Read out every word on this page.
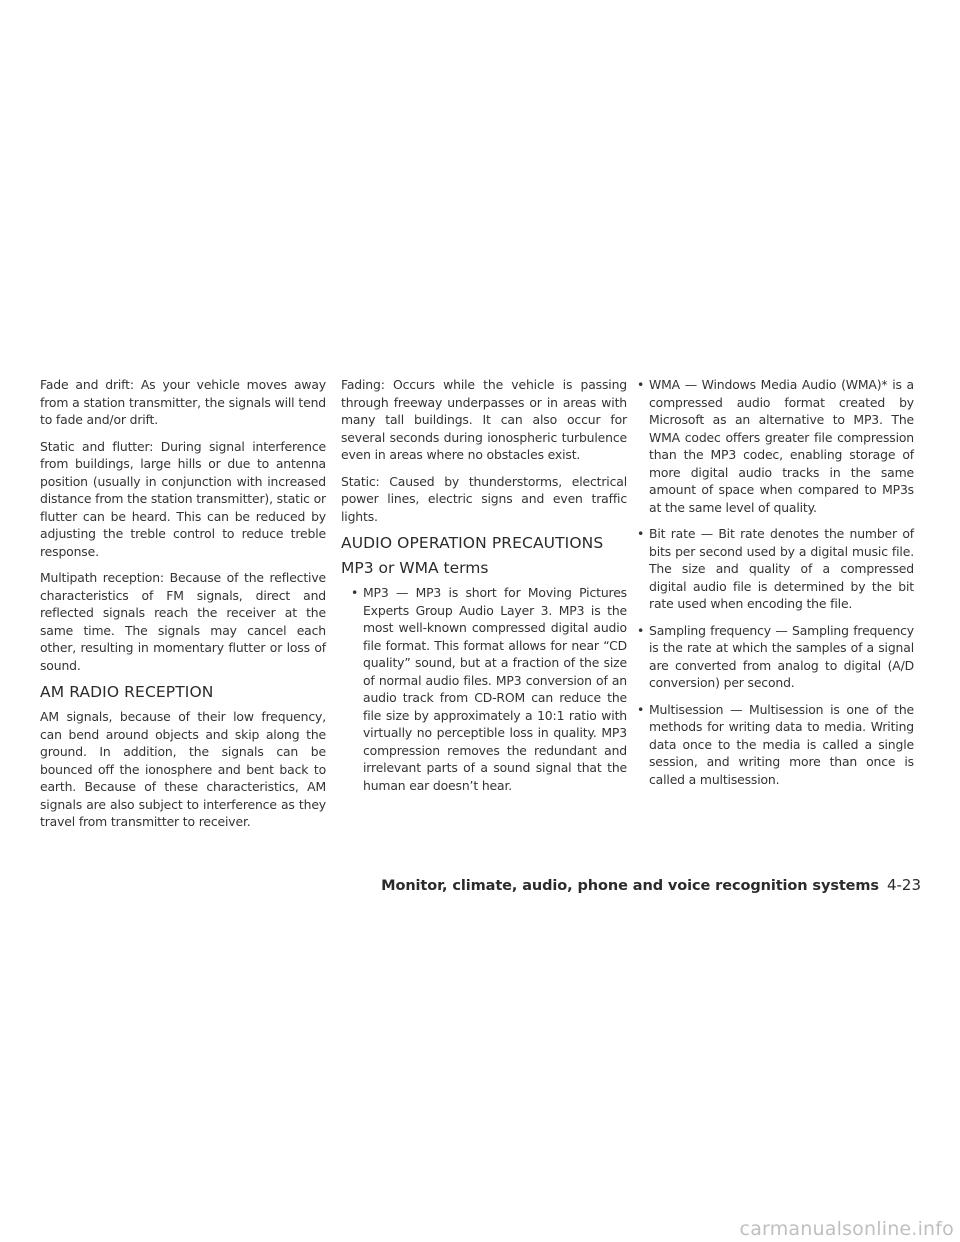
Fade and drift: As your vehicle moves away from a station transmitter, the signals will tend to fade and/or drift.

Static and flutter: During signal interference from buildings, large hills or due to antenna position (usually in conjunction with increased distance from the station transmitter), static or flutter can be heard. This can be reduced by adjusting the treble control to reduce treble response.

Multipath reception: Because of the reflective characteristics of FM signals, direct and reflected signals reach the receiver at the same time. The signals may cancel each other, resulting in momentary flutter or loss of sound.

AM RADIO RECEPTION

AM signals, because of their low frequency, can bend around objects and skip along the ground. In addition, the signals can be bounced off the ionosphere and bent back to earth. Because of these characteristics, AM signals are also subject to interference as they travel from transmitter to receiver.

Fading: Occurs while the vehicle is passing through freeway underpasses or in areas with many tall buildings. It can also occur for several seconds during ionospheric turbulence even in areas where no obstacles exist.

Static: Caused by thunderstorms, electrical power lines, electric signs and even traffic lights.

AUDIO OPERATION PRECAUTIONS
MP3 or WMA terms
• MP3 — MP3 is short for Moving Pictures Experts Group Audio Layer 3. MP3 is the most well-known compressed digital audio file format. This format allows for near “CD quality” sound, but at a fraction of the size of normal audio files. MP3 conversion of an audio track from CD-ROM can reduce the file size by approximately a 10:1 ratio with virtually no perceptible loss in quality. MP3 compression removes the redundant and irrelevant parts of a sound signal that the human ear doesn’t hear.
• WMA — Windows Media Audio (WMA)* is a compressed audio format created by Microsoft as an alternative to MP3. The WMA codec offers greater file compression than the MP3 codec, enabling storage of more digital audio tracks in the same amount of space when compared to MP3s at the same level of quality.
• Bit rate — Bit rate denotes the number of bits per second used by a digital music file. The size and quality of a compressed digital audio file is determined by the bit rate used when encoding the file.
• Sampling frequency — Sampling frequency is the rate at which the samples of a signal are converted from analog to digital (A/D conversion) per second.
• Multisession — Multisession is one of the methods for writing data to media. Writing data once to the media is called a single session, and writing more than once is called a multisession.
Monitor, climate, audio, phone and voice recognition systems 4-23
carmanualsonline.info
